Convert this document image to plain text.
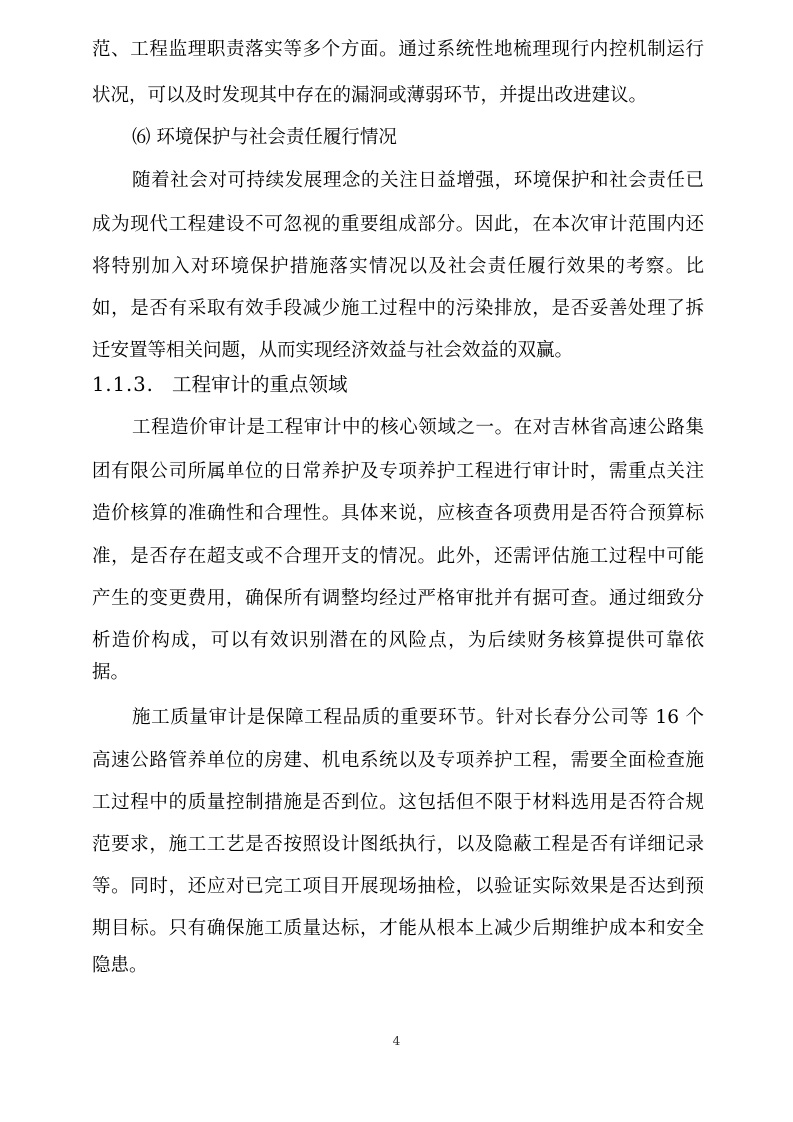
范、工程监理职责落实等多个方面。通过系统性地梳理现行内控机制运行
状况，可以及时发现其中存在的漏洞或薄弱环节，并提出改进建议。
⑹ 环境保护与社会责任履行情况
随着社会对可持续发展理念的关注日益增强，环境保护和社会责任已
成为现代工程建设不可忽视的重要组成部分。因此，在本次审计范围内还
将特别加入对环境保护措施落实情况以及社会责任履行效果的考察。比
如，是否有采取有效手段减少施工过程中的污染排放，是否妥善处理了拆
迁安置等相关问题，从而实现经济效益与社会效益的双赢。
1.1.3. 工程审计的重点领域
工程造价审计是工程审计中的核心领域之一。在对吉林省高速公路集
团有限公司所属单位的日常养护及专项养护工程进行审计时，需重点关注
造价核算的准确性和合理性。具体来说，应核查各项费用是否符合预算标
准，是否存在超支或不合理开支的情况。此外，还需评估施工过程中可能
产生的变更费用，确保所有调整均经过严格审批并有据可查。通过细致分
析造价构成，可以有效识别潜在的风险点，为后续财务核算提供可靠依
据。
施工质量审计是保障工程品质的重要环节。针对长春分公司等 16 个
高速公路管养单位的房建、机电系统以及专项养护工程，需要全面检查施
工过程中的质量控制措施是否到位。这包括但不限于材料选用是否符合规
范要求，施工工艺是否按照设计图纸执行，以及隐蔽工程是否有详细记录
等。同时，还应对已完工项目开展现场抽检，以验证实际效果是否达到预
期目标。只有确保施工质量达标，才能从根本上减少后期维护成本和安全
隐患。
4
